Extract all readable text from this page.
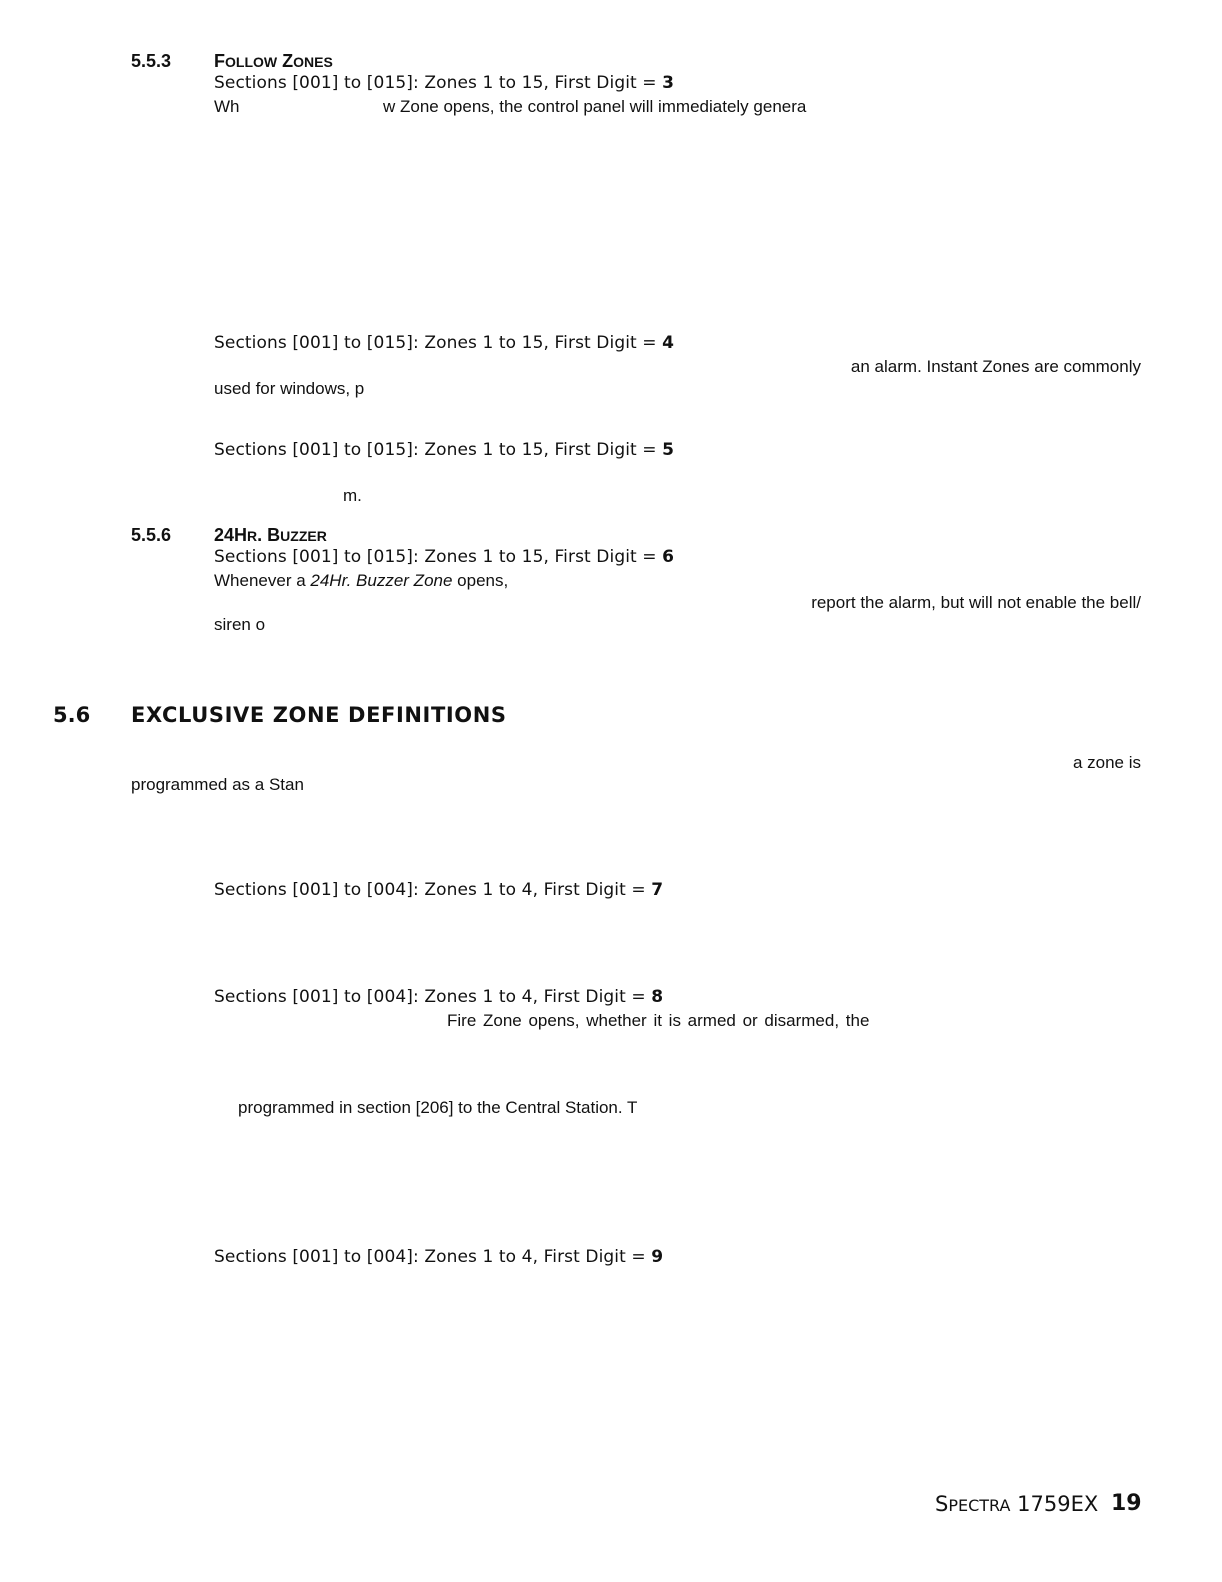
5.5.3 FOLLOW ZONES
Sections [001] to [015]: Zones 1 to 15, First Digit = 3
Wh	w Zone opens, the control panel will immediately genera
Sections [001] to [015]: Zones 1 to 15, First Digit = 4
an alarm. Instant Zones are commonly
used for windows, p
Sections [001] to [015]: Zones 1 to 15, First Digit = 5
m.
5.5.6 24HR. BUZZER
Sections [001] to [015]: Zones 1 to 15, First Digit = 6
Whenever a 24Hr. Buzzer Zone opens,
report the alarm, but will not enable the bell/
siren o
5.6 EXCLUSIVE ZONE DEFINITIONS
a zone is
programmed as a Stan
Sections [001] to [004]: Zones 1 to 4, First Digit = 7
Sections [001] to [004]: Zones 1 to 4, First Digit = 8
Fire Zone opens, whether it is armed or disarmed, the
programmed in section [206] to the Central Station. T
Sections [001] to [004]: Zones 1 to 4, First Digit = 9
SPECTRA 1759EX 19
